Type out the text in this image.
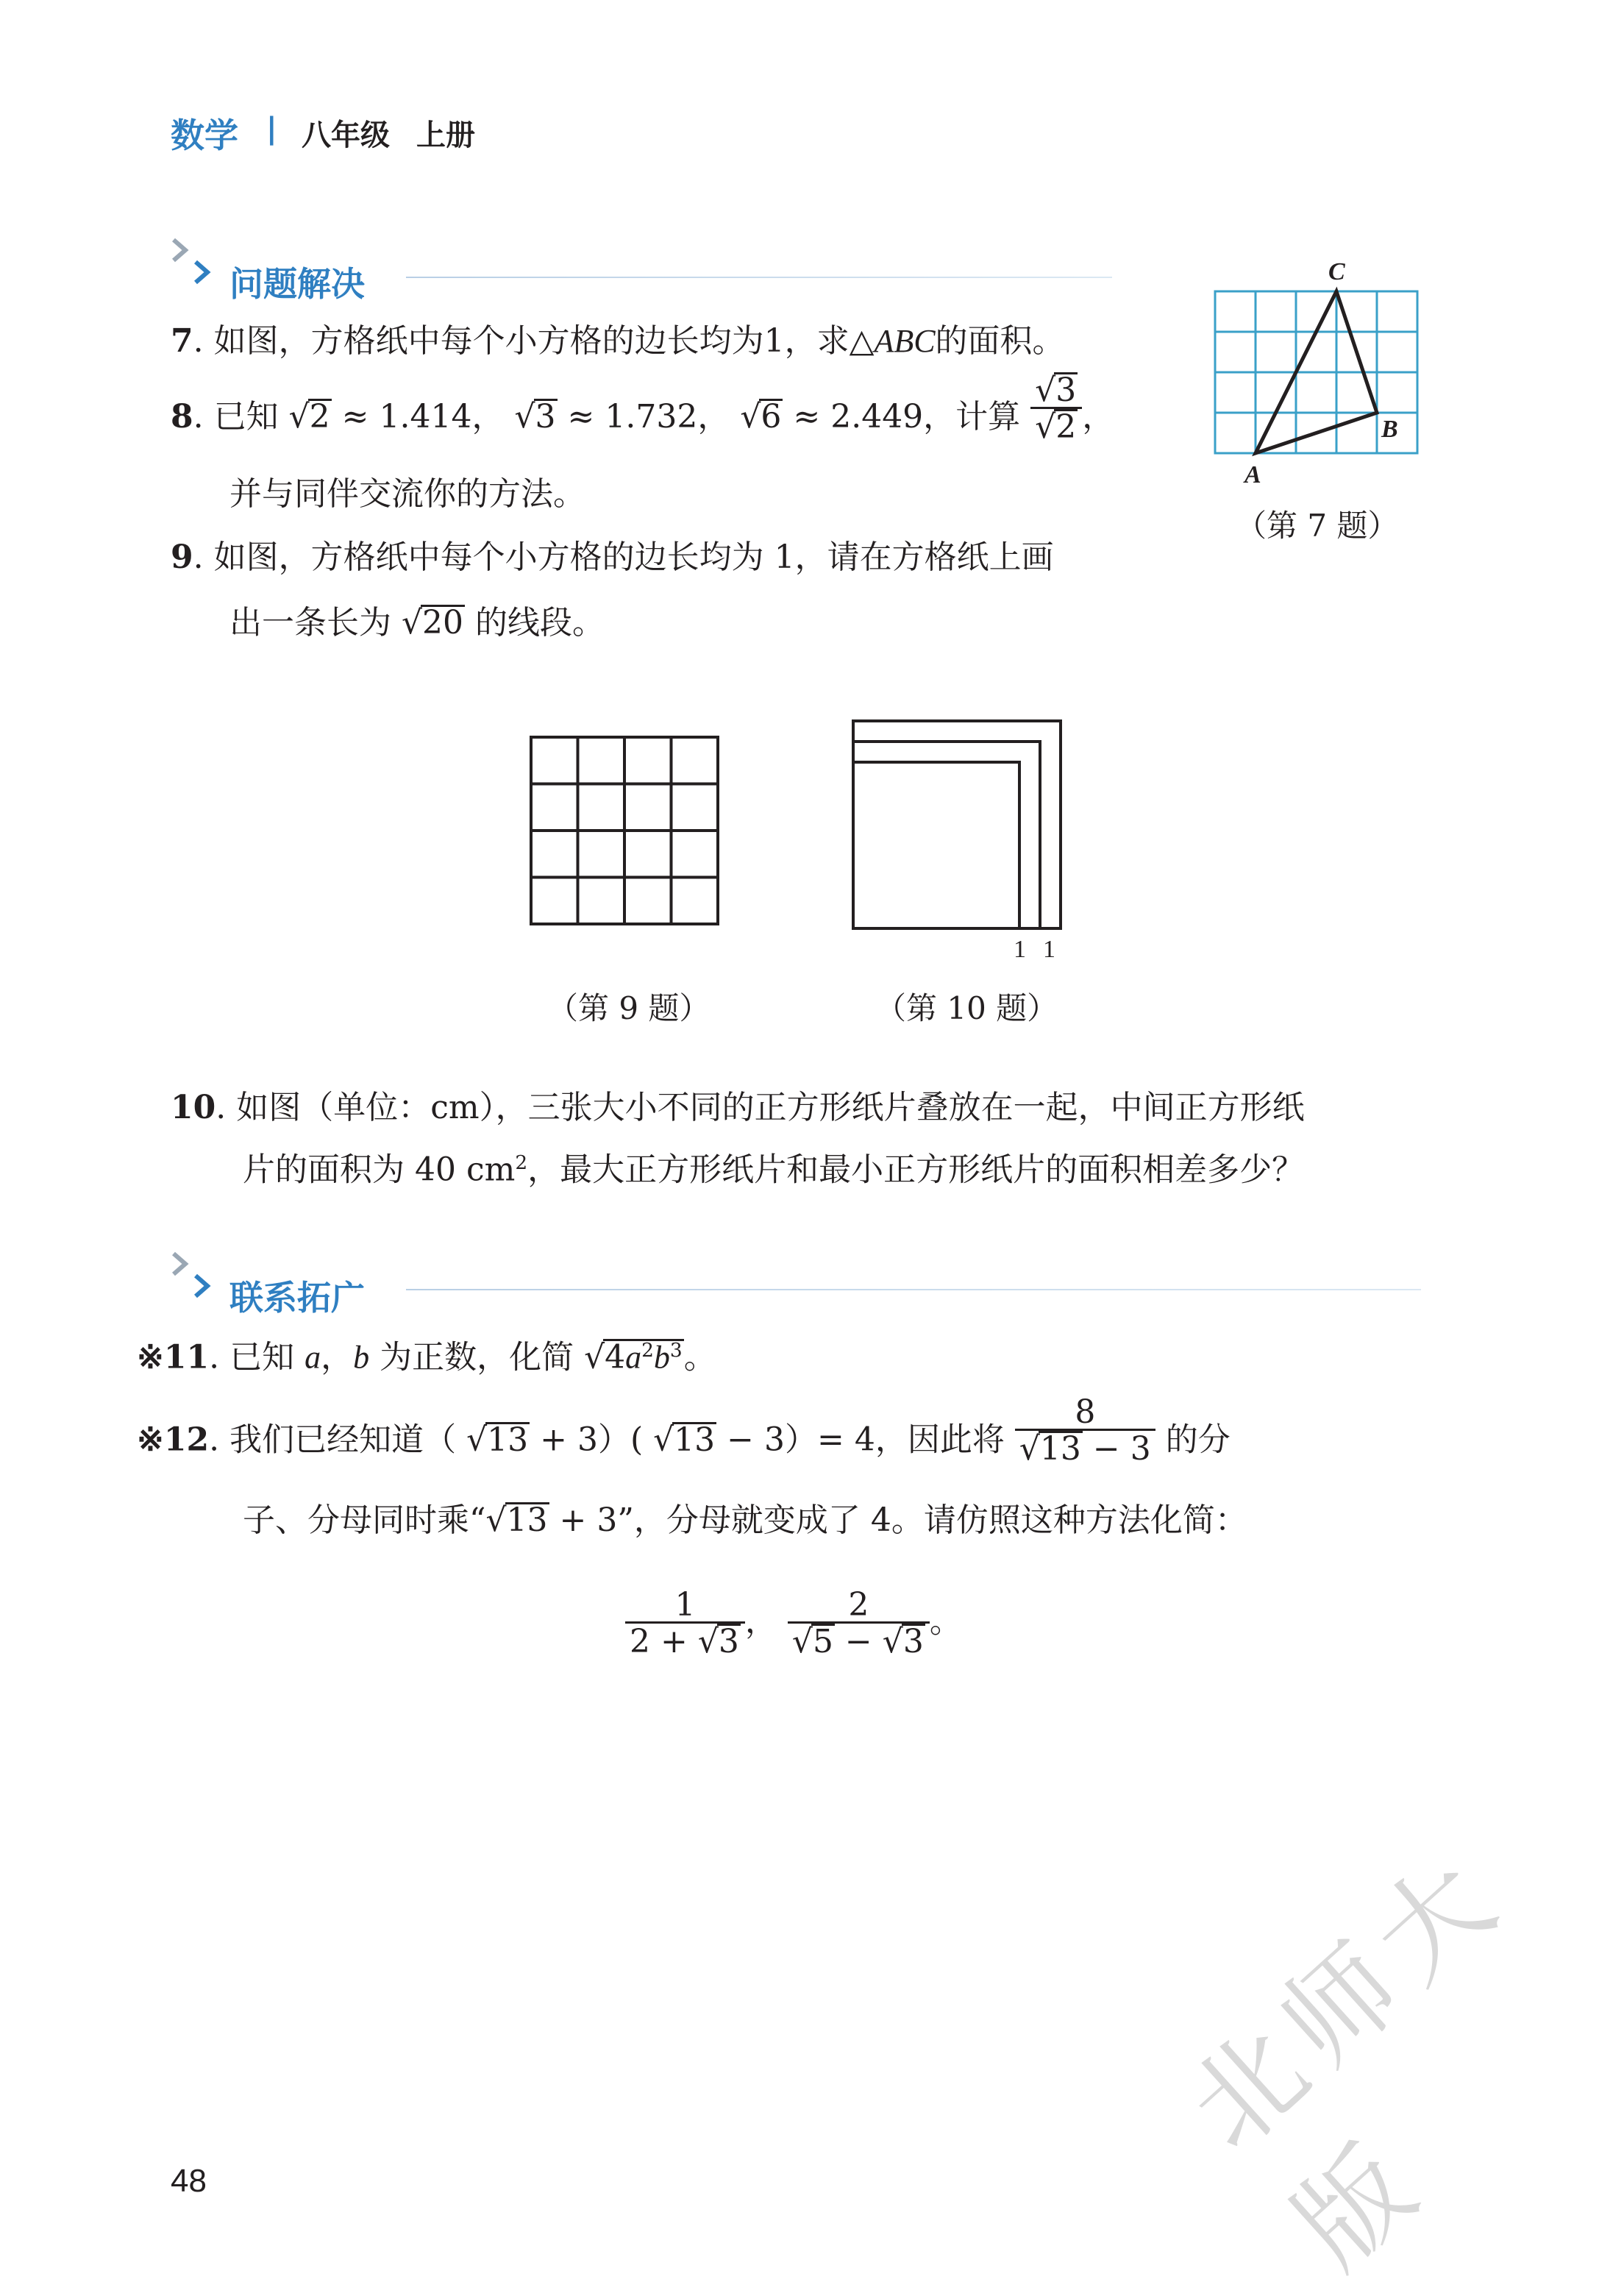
数学 | 八年级 上册
问题解决
7. 如图，方格纸中每个小方格的边长均为1，求△ABC的面积。
8. 已知 √2 ≈ 1.414， √3 ≈ 1.732， √6 ≈ 2.449，计算 $\frac{√3}{√2}$ ，
并与同伴交流你的方法。
9. 如图，方格纸中每个小方格的边长均为 1，请在方格纸上画
出一条长为 √20 的线段。
C
B
A
（第 7 题）
（第 9 题）
1 1
（第 10 题）
10. 如图（单位：cm），三张大小不同的正方形纸片叠放在一起，中间正方形纸
片的面积为 40 $cm^2$，最大正方形纸片和最小正方形纸片的面积相差多少？
联系拓广
※11. 已知 a，b 为正数，化简 $√4a^2b^3$。
※12. 我们已经知道（ √13 + 3）( √13 − 3）= 4，因此将 $\frac{8}{√13 - 3}$ 的分
子、分母同时乘“√13 + 3”，分母就变成了 4。请仿照这种方法化简：
$\frac{1}{2 + √3}$ ， $\frac{2}{√5 - √3}$ 。
北师大版
48
